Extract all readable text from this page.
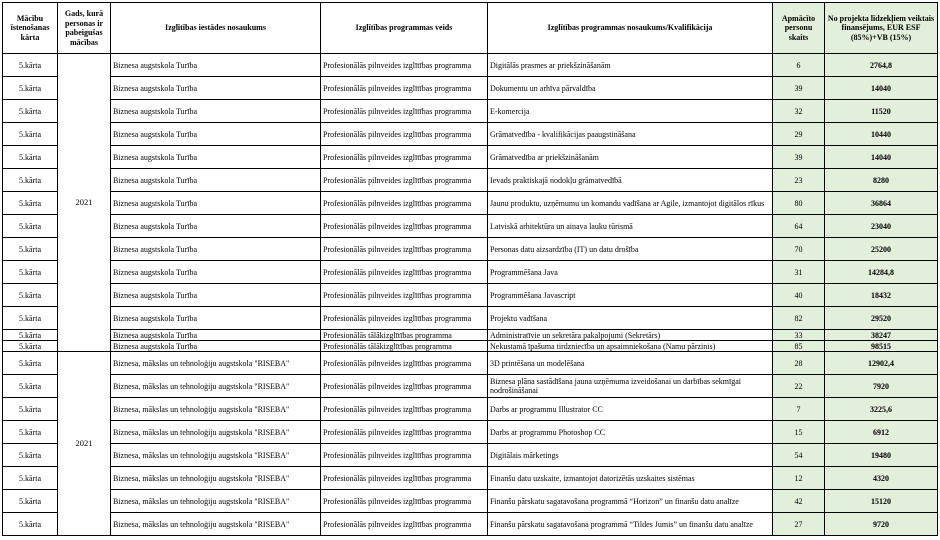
Mācību īstenošanas kārta	Gads, kurā personas ir pabeigušas mācības	Izglītības iestādes nosaukums	Izglītības programmas veids	Izglītības programmas nosaukums/Kvalifikācija	Apmācīto personu skaits	No projekta līdzekļiem veiktais finansējums, EUR ESF (85%)+VB (15%)
5.kārta	2021	Biznesa augstskola Turība	Profesionālās pilnveides izglītības programma	Digitālās prasmes ar priekšzināšanām	6	2764,8
5.kārta		Biznesa augstskola Turība	Profesionālās pilnveides izglītības programma	Dokumentu un arhīva pārvaldība	39	14040
5.kārta		Biznesa augstskola Turība	Profesionālās pilnveides izglītības programma	E-komercija	32	11520
5.kārta		Biznesa augstskola Turība	Profesionālās pilnveides izglītības programma	Grāmatvedība - kvalifikācijas paaugstināšana	29	10440
5.kārta		Biznesa augstskola Turība	Profesionālās pilnveides izglītības programma	Grāmatvedība ar priekšzināšanām	39	14040
5.kārta		Biznesa augstskola Turība	Profesionālās pilnveides izglītības programma	Ievads praktiskajā nodokļu grāmatvedībā	23	8280
5.kārta		Biznesa augstskola Turība	Profesionālās pilnveides izglītības programma	Jaunu produktu, uzņēmumu un komandu vadīšana ar Agile, izmantojot digitālos rīkus	80	36864
5.kārta		Biznesa augstskola Turība	Profesionālās pilnveides izglītības programma	Latviskā arhitektūra un ainava lauku tūrismā	64	23040
5.kārta		Biznesa augstskola Turība	Profesionālās pilnveides izglītības programma	Personas datu aizsardzība (IT) un datu drošība	70	25200
5.kārta		Biznesa augstskola Turība	Profesionālās pilnveides izglītības programma	Programmēšana Java	31	14284,8
5.kārta		Biznesa augstskola Turība	Profesionālās pilnveides izglītības programma	Programmēšana Javascript	40	18432
5.kārta		Biznesa augstskola Turība	Profesionālās pilnveides izglītības programma	Projektu vadīšana	82	29520
5.kārta		Biznesa augstskola Turība	Profesionālās tālākizglītības programma	Administratīvie un sekretāra pakalpojumi (Sekretārs)	33	38247
5.kārta		Biznesa augstskola Turība	Profesionālās tālākizglītības programma	Nekustamā īpašuma tirdzniecība un apsaimniekošana (Namu pārzinis)	85	98515
5.kārta	2021	Biznesa, mākslas un tehnoloģiju augstskola "RISEBA"	Profesionālās pilnveides izglītības programma	3D printēšana un modelēšana	28	12902,4
5.kārta		Biznesa, mākslas un tehnoloģiju augstskola "RISEBA"	Profesionālās pilnveides izglītības programma	Biznesa plāna sastādīšana jauna uzņēmuma izveidošanai un darbības sekmīgai nodrošināšanai	22	7920
5.kārta		Biznesa, mākslas un tehnoloģiju augstskola "RISEBA"	Profesionālās pilnveides izglītības programma	Darbs ar programmu Illustrator CC	7	3225,6
5.kārta		Biznesa, mākslas un tehnoloģiju augstskola "RISEBA"	Profesionālās pilnveides izglītības programma	Darbs ar programmu Photoshop CC	15	6912
5.kārta		Biznesa, mākslas un tehnoloģiju augstskola "RISEBA"	Profesionālās pilnveides izglītības programma	Digitālais mārketings	54	19480
5.kārta		Biznesa, mākslas un tehnoloģiju augstskola "RISEBA"	Profesionālās pilnveides izglītības programma	Finanšu datu uzskaite, izmantojot datorizētās uzskaites sistēmas	12	4320
5.kārta		Biznesa, mākslas un tehnoloģiju augstskola "RISEBA"	Profesionālās pilnveides izglītības programma	Finanšu pārskatu sagatavošana programmā “Horizon” un finanšu datu analīze	42	15120
5.kārta		Biznesa, mākslas un tehnoloģiju augstskola "RISEBA"	Profesionālās pilnveides izglītības programma	Finanšu pārskatu sagatavošana programmā “Tildes Jumis” un finanšu datu analīze	27	9720
